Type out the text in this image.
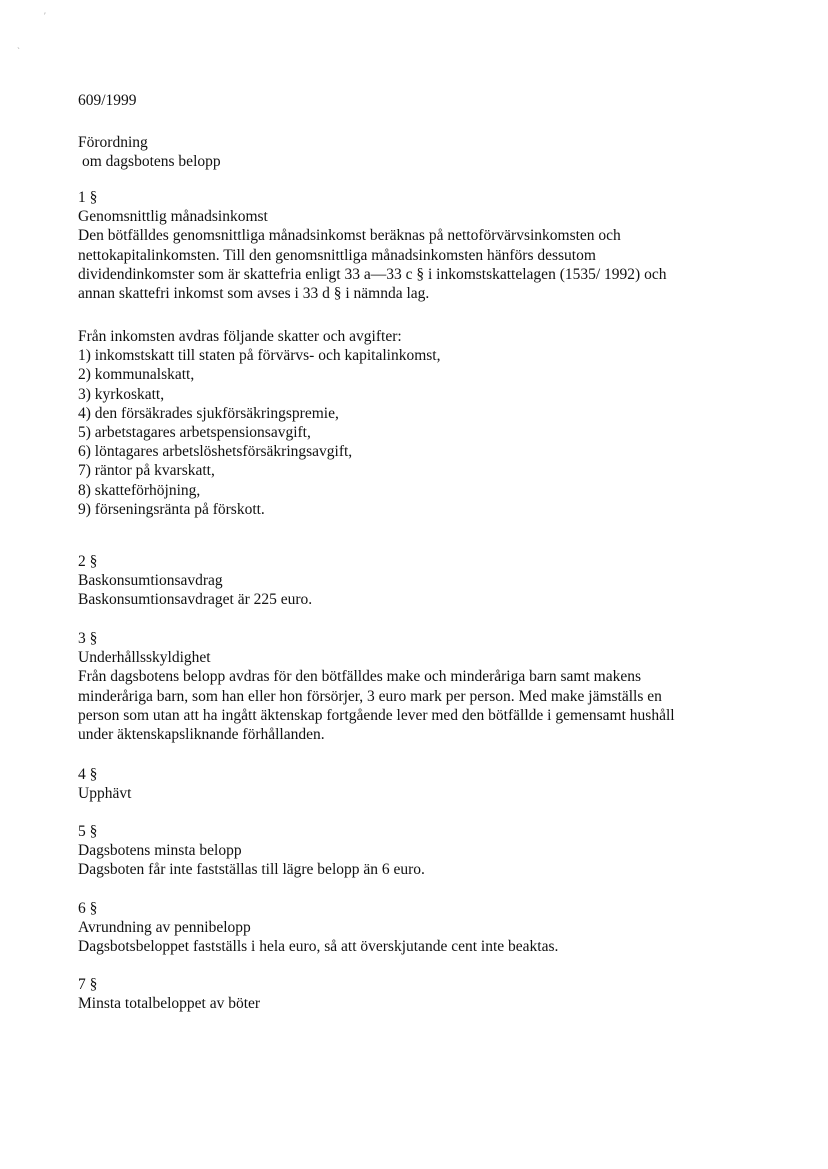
′
ˏ
609/1999
Förordning
om dagsbotens belopp
1 §
Genomsnittlig månadsinkomst
Den bötfälldes genomsnittliga månadsinkomst beräknas på nettoförvärvsinkomsten och
nettokapitalinkomsten. Till den genomsnittliga månadsinkomsten hänförs dessutom
dividendinkomster som är skattefria enligt 33 a—33 c § i inkomstskattelagen (1535/ 1992) och
annan skattefri inkomst som avses i 33 d § i nämnda lag.
Från inkomsten avdras följande skatter och avgifter:
1) inkomstskatt till staten på förvärvs- och kapitalinkomst,
2) kommunalskatt,
3) kyrkoskatt,
4) den försäkrades sjukförsäkringspremie,
5) arbetstagares arbetspensionsavgift,
6) löntagares arbetslöshetsförsäkringsavgift,
7) räntor på kvarskatt,
8) skatteförhöjning,
9) förseningsränta på förskott.
2 §
Baskonsumtionsavdrag
Baskonsumtionsavdraget är 225 euro.
3 §
Underhållsskyldighet
Från dagsbotens belopp avdras för den bötfälldes make och minderåriga barn samt makens
minderåriga barn, som han eller hon försörjer, 3 euro mark per person. Med make jämställs en
person som utan att ha ingått äktenskap fortgående lever med den bötfällde i gemensamt hushåll
under äktenskapsliknande förhållanden.
4 §
Upphävt
5 §
Dagsbotens minsta belopp
Dagsboten får inte fastställas till lägre belopp än 6 euro.
6 §
Avrundning av pennibelopp
Dagsbotsbeloppet fastställs i hela euro, så att överskjutande cent inte beaktas.
7 §
Minsta totalbeloppet av böter
